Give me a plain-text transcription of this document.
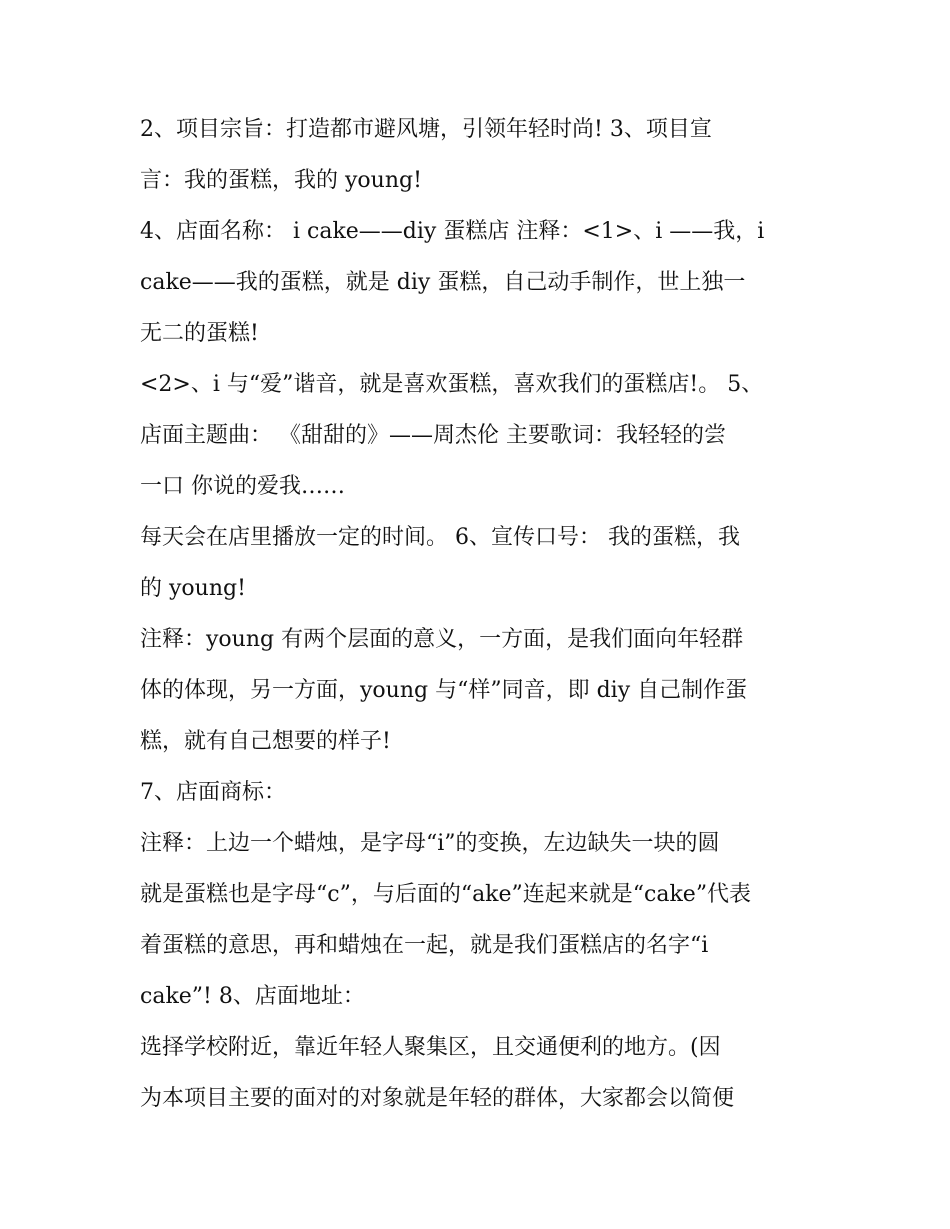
2、项目宗旨：打造都市避风塘，引领年轻时尚! 3、项目宣
言：我的蛋糕，我的 young!
4、店面名称： i cake——diy 蛋糕店 注释：<1>、i ——我，i
cake——我的蛋糕，就是 diy 蛋糕，自己动手制作，世上独一
无二的蛋糕!
<2>、i 与“爱”谐音，就是喜欢蛋糕，喜欢我们的蛋糕店!。 5、
店面主题曲： 《甜甜的》——周杰伦 主要歌词：我轻轻的尝
一口 你说的爱我……
每天会在店里播放一定的时间。 6、宣传口号： 我的蛋糕，我
的 young!
注释：young 有两个层面的意义，一方面，是我们面向年轻群
体的体现，另一方面，young 与“样”同音，即 diy 自己制作蛋
糕，就有自己想要的样子!
7、店面商标：
注释：上边一个蜡烛，是字母“i”的变换，左边缺失一块的圆
就是蛋糕也是字母“c”，与后面的“ake”连起来就是“cake”代表
着蛋糕的意思，再和蜡烛在一起，就是我们蛋糕店的名字“i
cake”! 8、店面地址：
选择学校附近，靠近年轻人聚集区，且交通便利的地方。(因
为本项目主要的面对的对象就是年轻的群体，大家都会以简便
